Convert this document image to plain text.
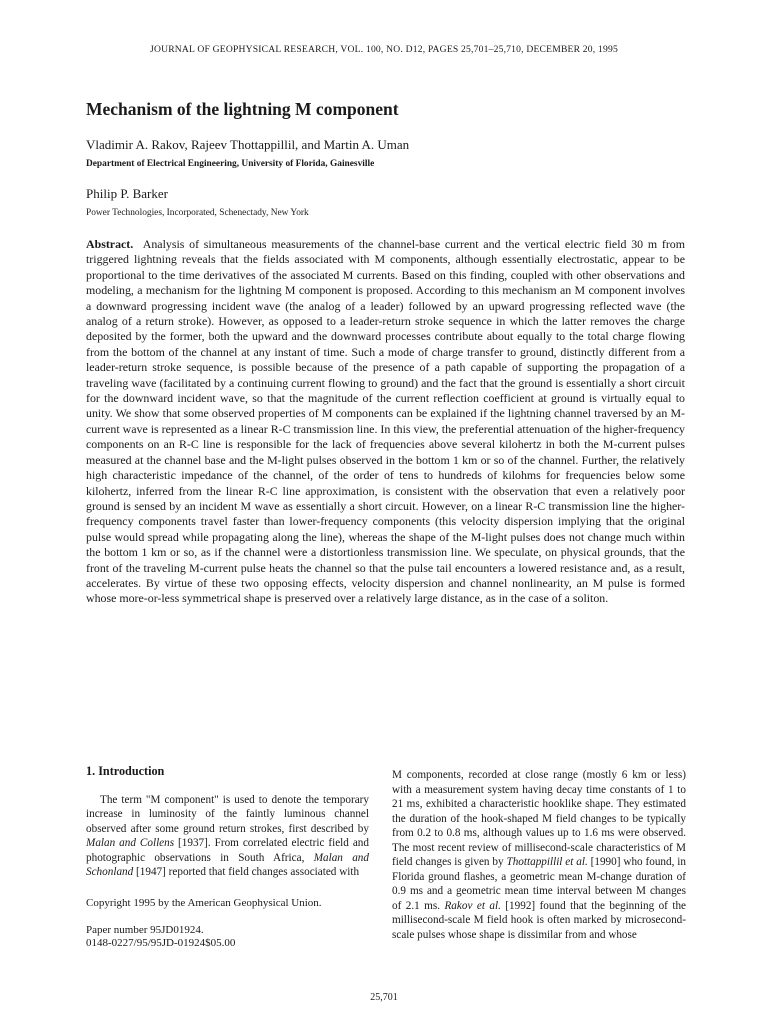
JOURNAL OF GEOPHYSICAL RESEARCH, VOL. 100, NO. D12, PAGES 25,701–25,710, DECEMBER 20, 1995
Mechanism of the lightning M component
Vladimir A. Rakov, Rajeev Thottappillil, and Martin A. Uman
Department of Electrical Engineering, University of Florida, Gainesville
Philip P. Barker
Power Technologies, Incorporated, Schenectady, New York

Abstract. Analysis of simultaneous measurements of the channel-base current and the vertical electric field 30 m from triggered lightning reveals that the fields associated with M components, although essentially electrostatic, appear to be proportional to the time derivatives of the associated M currents. Based on this finding, coupled with other observations and modeling, a mechanism for the lightning M component is proposed. According to this mechanism an M component involves a downward progressing incident wave (the analog of a leader) followed by an upward progressing reflected wave (the analog of a return stroke). However, as opposed to a leader-return stroke sequence in which the latter removes the charge deposited by the former, both the upward and the downward processes contribute about equally to the total charge flowing from the bottom of the channel at any instant of time. Such a mode of charge transfer to ground, distinctly different from a leader-return stroke sequence, is possible because of the presence of a path capable of supporting the propagation of a traveling wave (facilitated by a continuing current flowing to ground) and the fact that the ground is essentially a short circuit for the downward incident wave, so that the magnitude of the current reflection coefficient at ground is virtually equal to unity. We show that some observed properties of M components can be explained if the lightning channel traversed by an M-current wave is represented as a linear R-C transmission line. In this view, the preferential attenuation of the higher-frequency components on an R-C line is responsible for the lack of frequencies above several kilohertz in both the M-current pulses measured at the channel base and the M-light pulses observed in the bottom 1 km or so of the channel. Further, the relatively high characteristic impedance of the channel, of the order of tens to hundreds of kilohms for frequencies below some kilohertz, inferred from the linear R-C line approximation, is consistent with the observation that even a relatively poor ground is sensed by an incident M wave as essentially a short circuit. However, on a linear R-C transmission line the higher-frequency components travel faster than lower-frequency components (this velocity dispersion implying that the original pulse would spread while propagating along the line), whereas the shape of the M-light pulses does not change much within the bottom 1 km or so, as if the channel were a distortionless transmission line. We speculate, on physical grounds, that the front of the traveling M-current pulse heats the channel so that the pulse tail encounters a lowered resistance and, as a result, accelerates. By virtue of these two opposing effects, velocity dispersion and channel nonlinearity, an M pulse is formed whose more-or-less symmetrical shape is preserved over a relatively large distance, as in the case of a soliton.

1. Introduction

The term "M component" is used to denote the temporary increase in luminosity of the faintly luminous channel observed after some ground return strokes, first described by Malan and Collens [1937]. From correlated electric field and photographic observations in South Africa, Malan and Schonland [1947] reported that field changes associated with

Copyright 1995 by the American Geophysical Union.
Paper number 95JD01924.
0148-0227/95/95JD-01924$05.00

M components, recorded at close range (mostly 6 km or less) with a measurement system having decay time constants of 1 to 21 ms, exhibited a characteristic hooklike shape. They estimated the duration of the hook-shaped M field changes to be typically from 0.2 to 0.8 ms, although values up to 1.6 ms were observed. The most recent review of millisecond-scale characteristics of M field changes is given by Thottappillil et al. [1990] who found, in Florida ground flashes, a geometric mean M-change duration of 0.9 ms and a geometric mean time interval between M changes of 2.1 ms. Rakov et al. [1992] found that the beginning of the millisecond-scale M field hook is often marked by microsecond-scale pulses whose shape is dissimilar from and whose

25,701
